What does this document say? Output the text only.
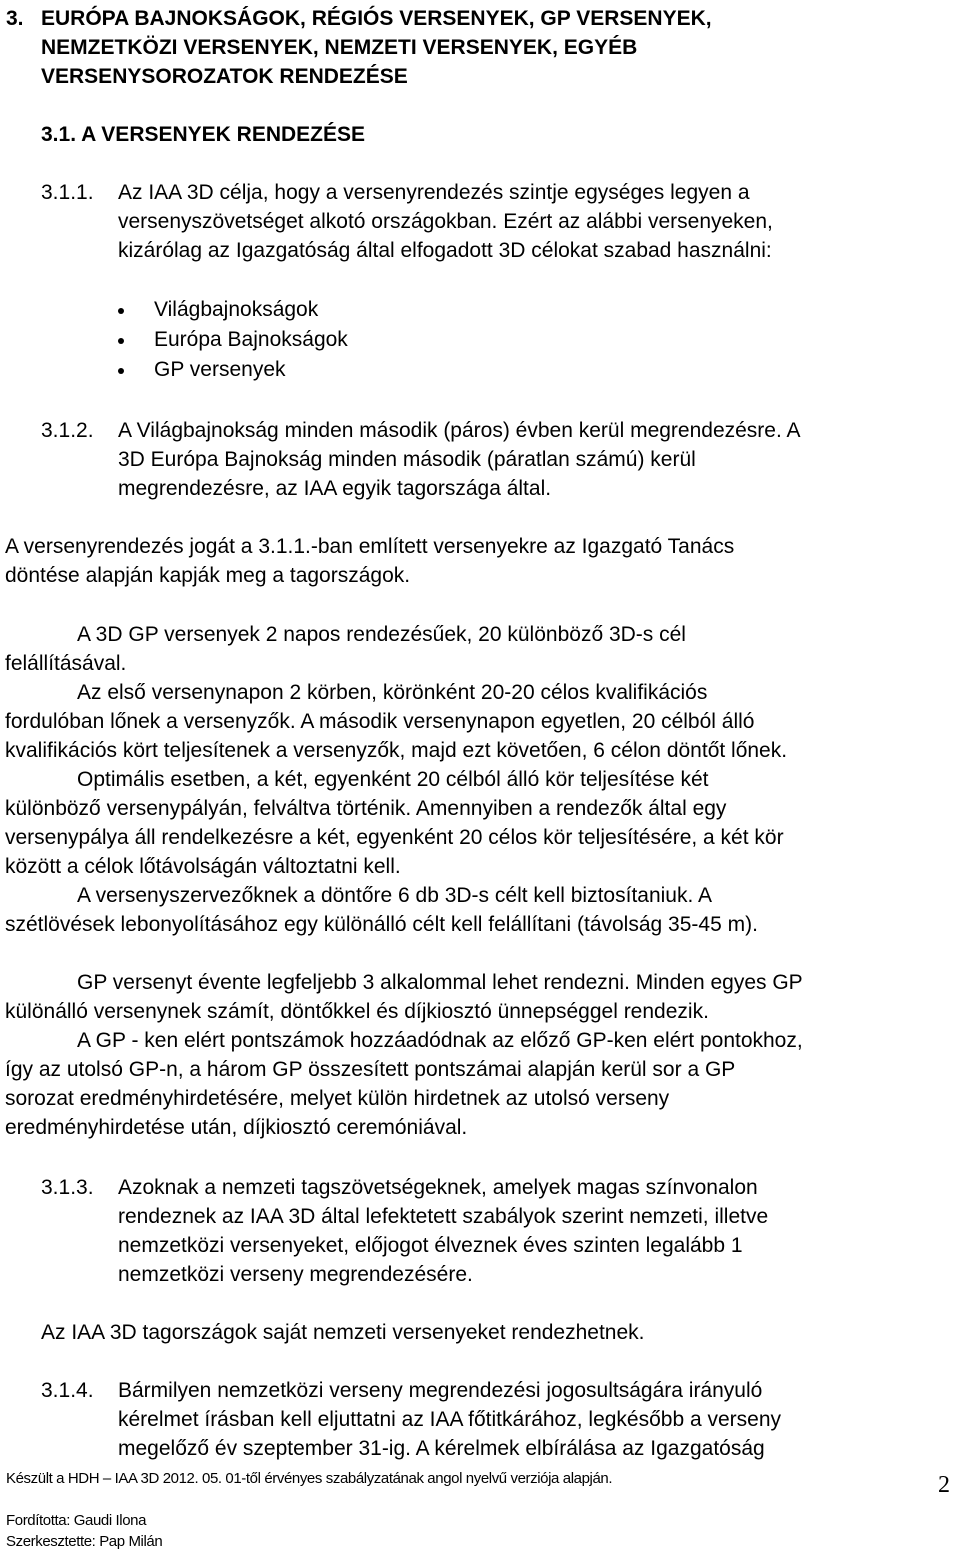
3. EURÓPA BAJNOKSÁGOK, RÉGIÓS VERSENYEK, GP VERSENYEK,
NEMZETKÖZI VERSENYEK, NEMZETI VERSENYEK, EGYÉB
VERSENYSOROZATOK RENDEZÉSE
3.1. A VERSENYEK RENDEZÉSE
3.1.1. Az IAA 3D célja, hogy a versenyrendezés szintje egységes legyen a
versenyszövetséget alkotó országokban. Ezért az alábbi versenyeken,
kizárólag az Igazgatóság által elfogadott 3D célokat szabad használni:
Világbajnokságok
Európa Bajnokságok
GP versenyek
3.1.2. A Világbajnokság minden második (páros) évben kerül megrendezésre. A
3D Európa Bajnokság minden második (páratlan számú) kerül
megrendezésre, az IAA egyik tagországa által.
A versenyrendezés jogát a 3.1.1.-ban említett versenyekre az Igazgató Tanács
döntése alapján kapják meg a tagországok.
A 3D GP versenyek 2 napos rendezésűek, 20 különböző 3D-s cél
felállításával.
Az első versenynapon 2 körben, körönként 20-20 célos kvalifikációs
fordulóban lőnek a versenyzők. A második versenynapon egyetlen, 20 célból álló
kvalifikációs kört teljesítenek a versenyzők, majd ezt követően, 6 célon döntőt lőnek.
Optimális esetben, a két, egyenként 20 célból álló kör teljesítése két
különböző versenypályán, felváltva történik. Amennyiben a rendezők által egy
versenypálya áll rendelkezésre a két, egyenként 20 célos kör teljesítésére, a két kör
között a célok lőtávolságán változtatni kell.
A versenyszervezőknek a döntőre 6 db 3D-s célt kell biztosítaniuk. A
szétlövések lebonyolításához egy különálló célt kell felállítani (távolság 35-45 m).
GP versenyt évente legfeljebb 3 alkalommal lehet rendezni. Minden egyes GP
különálló versenynek számít, döntőkkel és díjkiosztó ünnepséggel rendezik.
A GP - ken elért pontszámok hozzáadódnak az előző GP-ken elért pontokhoz,
így az utolsó GP-n, a három GP összesített pontszámai alapján kerül sor a GP
sorozat eredményhirdetésére, melyet külön hirdetnek az utolsó verseny
eredményhirdetése után, díjkiosztó ceremóniával.
3.1.3. Azoknak a nemzeti tagszövetségeknek, amelyek magas színvonalon
rendeznek az IAA 3D által lefektetett szabályok szerint nemzeti, illetve
nemzetközi versenyeket, előjogot élveznek éves szinten legalább 1
nemzetközi verseny megrendezésére.
Az IAA 3D tagországok saját nemzeti versenyeket rendezhetnek.
3.1.4. Bármilyen nemzetközi verseny megrendezési jogosultságára irányuló
kérelmet írásban kell eljuttatni az IAA főtitkárához, legkésőbb a verseny
megelőző év szeptember 31-ig. A kérelmek elbírálása az Igazgatóság
Készült a HDH – IAA 3D 2012. 05. 01-től érvényes szabályzatának angol nyelvű verziója alapján.	2
Fordította: Gaudi Ilona
Szerkesztette: Pap Milán
